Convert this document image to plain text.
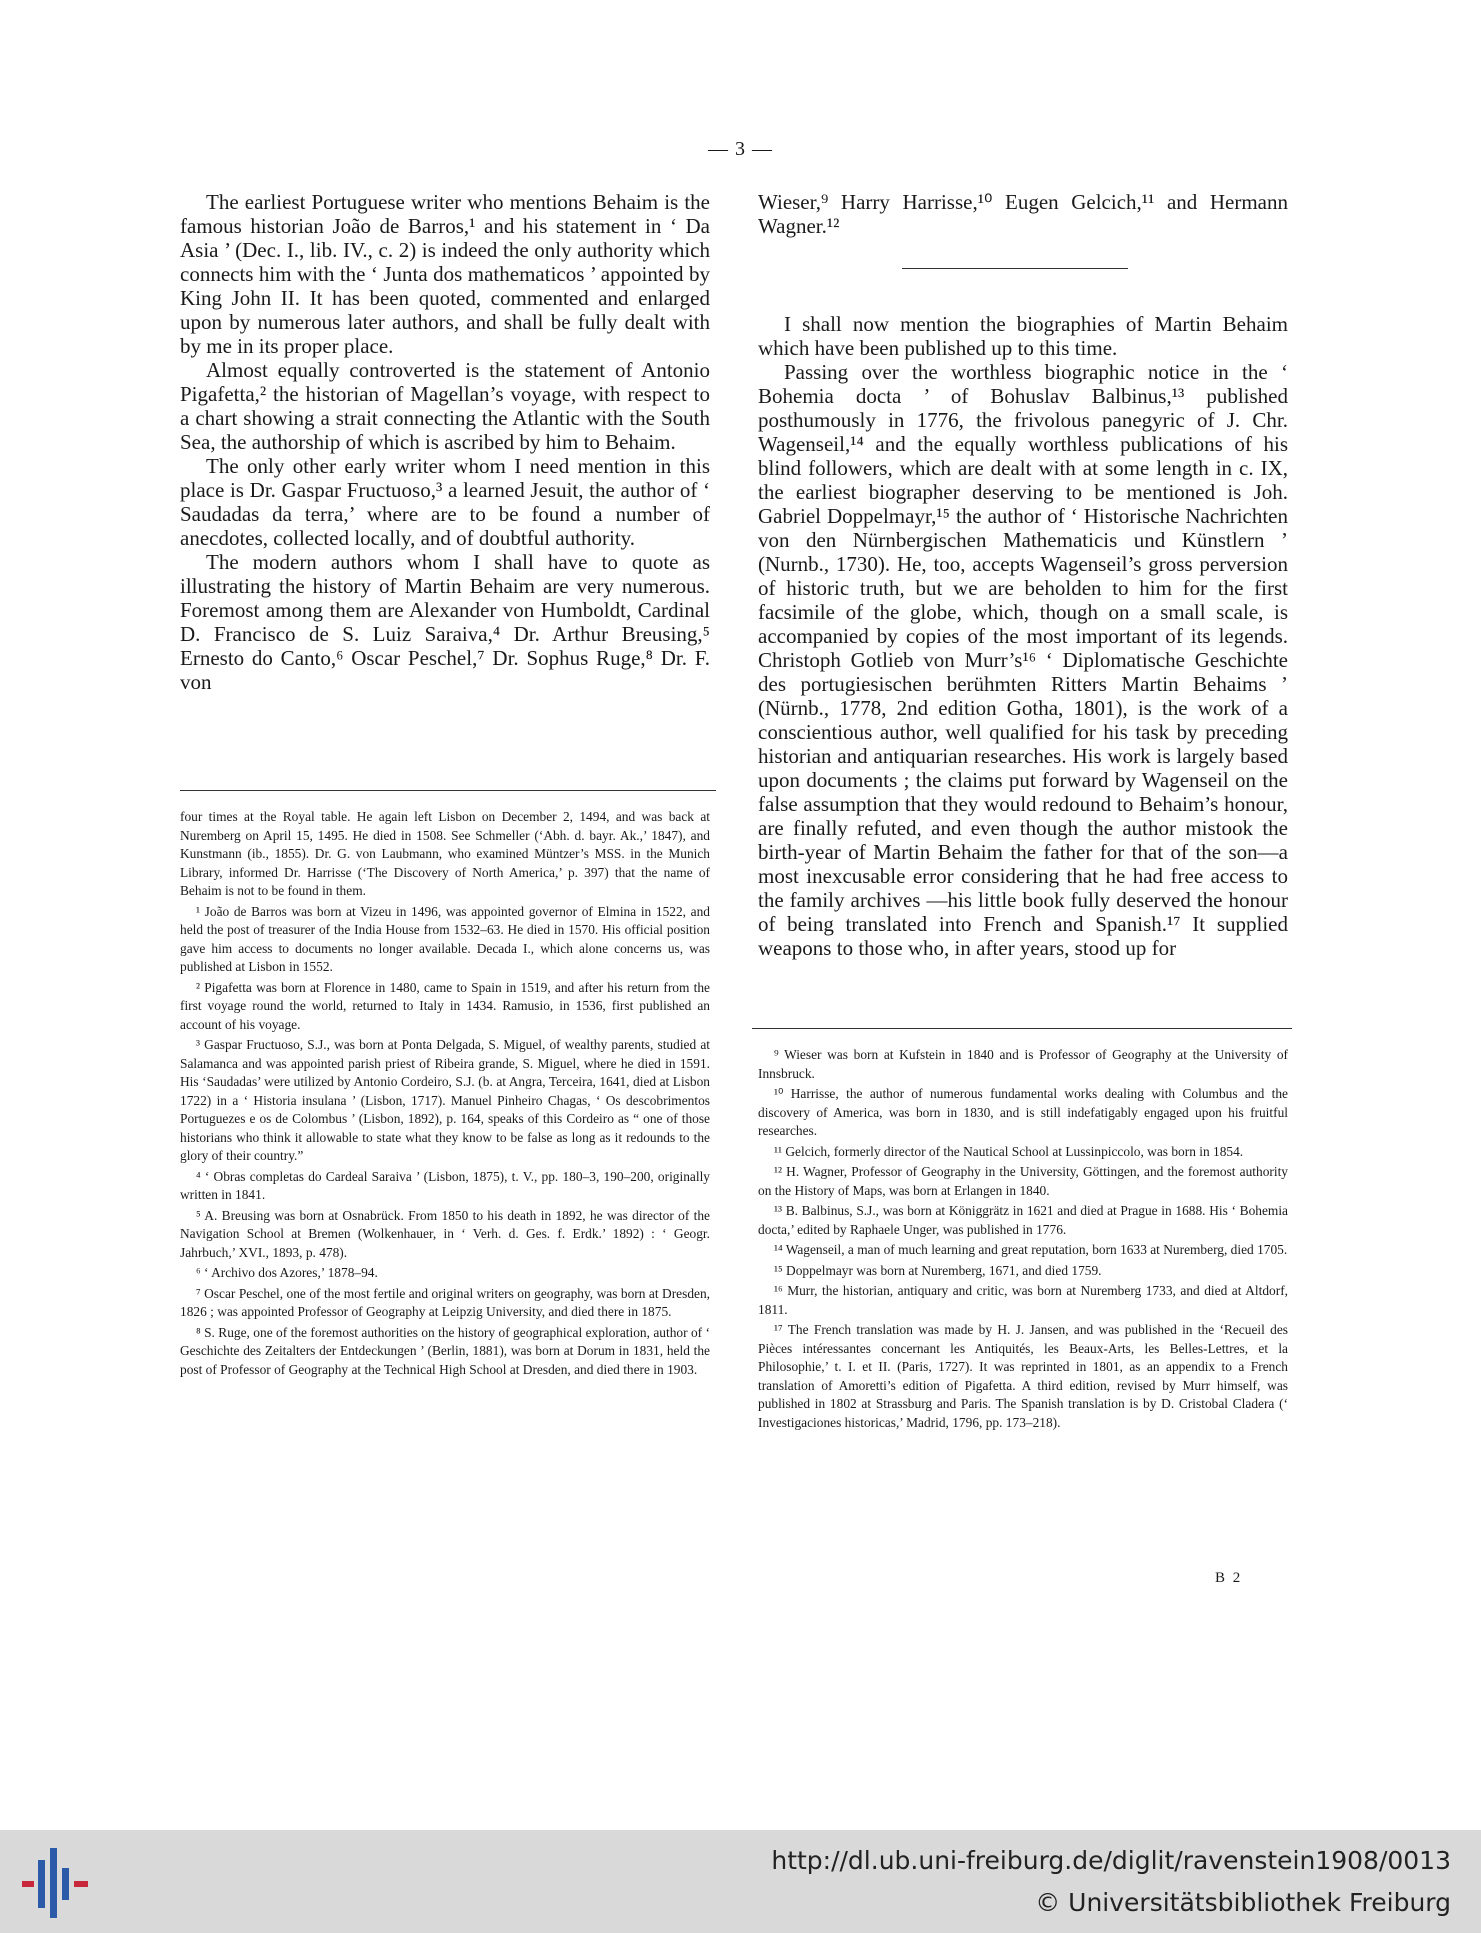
— 3 —

The earliest Portuguese writer who mentions Behaim is the famous historian João de Barros,¹ and his statement in ‘ Da Asia ’ (Dec. I., lib. IV., c. 2) is indeed the only authority which connects him with the ‘ Junta dos mathematicos ’ appointed by King John II. It has been quoted, commented and enlarged upon by numerous later authors, and shall be fully dealt with by me in its proper place.

Almost equally controverted is the statement of Antonio Pigafetta,² the historian of Magellan’s voyage, with respect to a chart showing a strait connecting the Atlantic with the South Sea, the authorship of which is ascribed by him to Behaim.

The only other early writer whom I need mention in this place is Dr. Gaspar Fructuoso,³ a learned Jesuit, the author of ‘ Saudadas da terra,’ where are to be found a number of anecdotes, collected locally, and of doubtful authority.

The modern authors whom I shall have to quote as illustrating the history of Martin Behaim are very numerous. Foremost among them are Alexander von Humboldt, Cardinal D. Francisco de S. Luiz Saraiva,⁴ Dr. Arthur Breusing,⁵ Ernesto do Canto,⁶ Oscar Peschel,⁷ Dr. Sophus Ruge,⁸ Dr. F. von

four times at the Royal table. He again left Lisbon on December 2, 1494, and was back at Nuremberg on April 15, 1495. He died in 1508. See Schmeller (‘Abh. d. bayr. Ak.,’ 1847), and Kunstmann (ib., 1855). Dr. G. von Laubmann, who examined Müntzer’s MSS. in the Munich Library, informed Dr. Harrisse (‘The Discovery of North America,’ p. 397) that the name of Behaim is not to be found in them.

¹ João de Barros was born at Vizeu in 1496, was appointed governor of Elmina in 1522, and held the post of treasurer of the India House from 1532–63. He died in 1570. His official position gave him access to documents no longer available. Decada I., which alone concerns us, was published at Lisbon in 1552.

² Pigafetta was born at Florence in 1480, came to Spain in 1519, and after his return from the first voyage round the world, returned to Italy in 1434. Ramusio, in 1536, first published an account of his voyage.

³ Gaspar Fructuoso, S.J., was born at Ponta Delgada, S. Miguel, of wealthy parents, studied at Salamanca and was appointed parish priest of Ribeira grande, S. Miguel, where he died in 1591. His ‘Saudadas’ were utilized by Antonio Cordeiro, S.J. (b. at Angra, Terceira, 1641, died at Lisbon 1722) in a ‘ Historia insulana ’ (Lisbon, 1717). Manuel Pinheiro Chagas, ‘ Os descobrimentos Portuguezes e os de Colombus ’ (Lisbon, 1892), p. 164, speaks of this Cordeiro as “ one of those historians who think it allowable to state what they know to be false as long as it redounds to the glory of their country.”

⁴ ‘ Obras completas do Cardeal Saraiva ’ (Lisbon, 1875), t. V., pp. 180–3, 190–200, originally written in 1841.

⁵ A. Breusing was born at Osnabrück. From 1850 to his death in 1892, he was director of the Navigation School at Bremen (Wolkenhauer, in ‘ Verh. d. Ges. f. Erdk.’ 1892) : ‘ Geogr. Jahrbuch,’ XVI., 1893, p. 478).

⁶ ‘ Archivo dos Azores,’ 1878–94.

⁷ Oscar Peschel, one of the most fertile and original writers on geography, was born at Dresden, 1826 ; was appointed Professor of Geography at Leipzig University, and died there in 1875.

⁸ S. Ruge, one of the foremost authorities on the history of geographical exploration, author of ‘ Geschichte des Zeitalters der Entdeckungen ’ (Berlin, 1881), was born at Dorum in 1831, held the post of Professor of Geography at the Technical High School at Dresden, and died there in 1903.

Wieser,⁹ Harry Harrisse,¹⁰ Eugen Gelcich,¹¹ and Hermann Wagner.¹²

I shall now mention the biographies of Martin Behaim which have been published up to this time.

Passing over the worthless biographic notice in the ‘ Bohemia docta ’ of Bohuslav Balbinus,¹³ published posthumously in 1776, the frivolous panegyric of J. Chr. Wagenseil,¹⁴ and the equally worthless publications of his blind followers, which are dealt with at some length in c. IX, the earliest biographer deserving to be mentioned is Joh. Gabriel Doppelmayr,¹⁵ the author of ‘ Historische Nachrichten von den Nürnbergischen Mathematicis und Künstlern ’ (Nurnb., 1730). He, too, accepts Wagenseil’s gross perversion of historic truth, but we are beholden to him for the first facsimile of the globe, which, though on a small scale, is accompanied by copies of the most important of its legends. Christoph Gotlieb von Murr’s¹⁶ ‘ Diplomatische Geschichte des portugiesischen berühmten Ritters Martin Behaims ’ (Nürnb., 1778, 2nd edition Gotha, 1801), is the work of a conscientious author, well qualified for his task by preceding historian and antiquarian researches. His work is largely based upon documents ; the claims put forward by Wagenseil on the false assumption that they would redound to Behaim’s honour, are finally refuted, and even though the author mistook the birth-year of Martin Behaim the father for that of the son—a most inexcusable error considering that he had free access to the family archives —his little book fully deserved the honour of being translated into French and Spanish.¹⁷ It supplied weapons to those who, in after years, stood up for

⁹ Wieser was born at Kufstein in 1840 and is Professor of Geography at the University of Innsbruck.

¹⁰ Harrisse, the author of numerous fundamental works dealing with Columbus and the discovery of America, was born in 1830, and is still indefatigably engaged upon his fruitful researches.

¹¹ Gelcich, formerly director of the Nautical School at Lussinpiccolo, was born in 1854.

¹² H. Wagner, Professor of Geography in the University, Göttingen, and the foremost authority on the History of Maps, was born at Erlangen in 1840.

¹³ B. Balbinus, S.J., was born at Königgrätz in 1621 and died at Prague in 1688. His ‘ Bohemia docta,’ edited by Raphaele Unger, was published in 1776.

¹⁴ Wagenseil, a man of much learning and great reputation, born 1633 at Nuremberg, died 1705.

¹⁵ Doppelmayr was born at Nuremberg, 1671, and died 1759.

¹⁶ Murr, the historian, antiquary and critic, was born at Nuremberg 1733, and died at Altdorf, 1811.

¹⁷ The French translation was made by H. J. Jansen, and was published in the ‘Recueil des Pièces intéressantes concernant les Antiquités, les Beaux-Arts, les Belles-Lettres, et la Philosophie,’ t. I. et II. (Paris, 1727). It was reprinted in 1801, as an appendix to a French translation of Amoretti’s edition of Pigafetta. A third edition, revised by Murr himself, was published in 1802 at Strassburg and Paris. The Spanish translation is by D. Cristobal Cladera (‘ Investigaciones historicas,’ Madrid, 1796, pp. 173–218).

B 2
http://dl.ub.uni-freiburg.de/diglit/ravenstein1908/0013
© Universitätsbibliothek Freiburg
